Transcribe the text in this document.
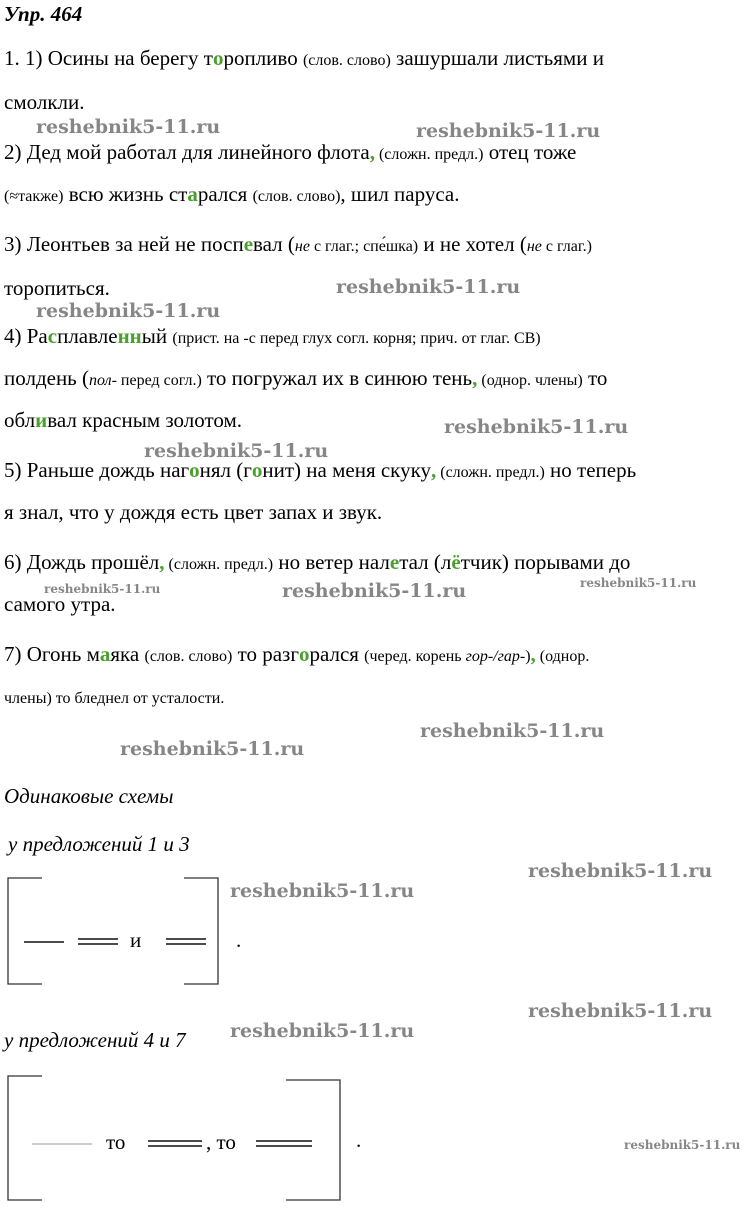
Упр. 464
1. 1) Осины на берегу торопливо (слов. слово) зашуршали листьями и
смолкли.
2) Дед мой работал для линейного флота, (сложн. предл.) отец тоже
(≈также) всю жизнь старался (слов. слово), шил паруса.
3) Леонтьев за ней не поспевал (не с глаг.; спе́шка) и не хотел (не с глаг.)
торопиться.
4) Расплавленный (прист. на -с перед глух согл. корня; прич. от глаг. СВ)
полдень (пол- перед согл.) то погружал их в синюю тень, (однор. члены) то
обливал красным золотом.
5) Раньше дождь нагонял (гонит) на меня скуку, (сложн. предл.) но теперь
я знал, что у дождя есть цвет запах и звук.
6) Дождь прошёл, (сложн. предл.) но ветер налетал (лётчик) порывами до
самого утра.
7) Огонь маяка (слов. слово) то разгорался (черед. корень гор-/гар-), (однор.
члены) то бледнел от усталости.
Одинаковые схемы
у предложений 1 и 3
и	.
у предложений 4 и 7
то	, то	.
reshebnik5-11.ru	reshebnik5-11.ru
reshebnik5-11.ru
reshebnik5-11.ru
reshebnik5-11.ru
reshebnik5-11.ru
reshebnik5-11.ru	reshebnik5-11.ru	reshebnik5-11.ru
reshebnik5-11.ru
reshebnik5-11.ru
reshebnik5-11.ru
reshebnik5-11.ru
reshebnik5-11.ru
reshebnik5-11.ru
reshebnik5-11.ru
